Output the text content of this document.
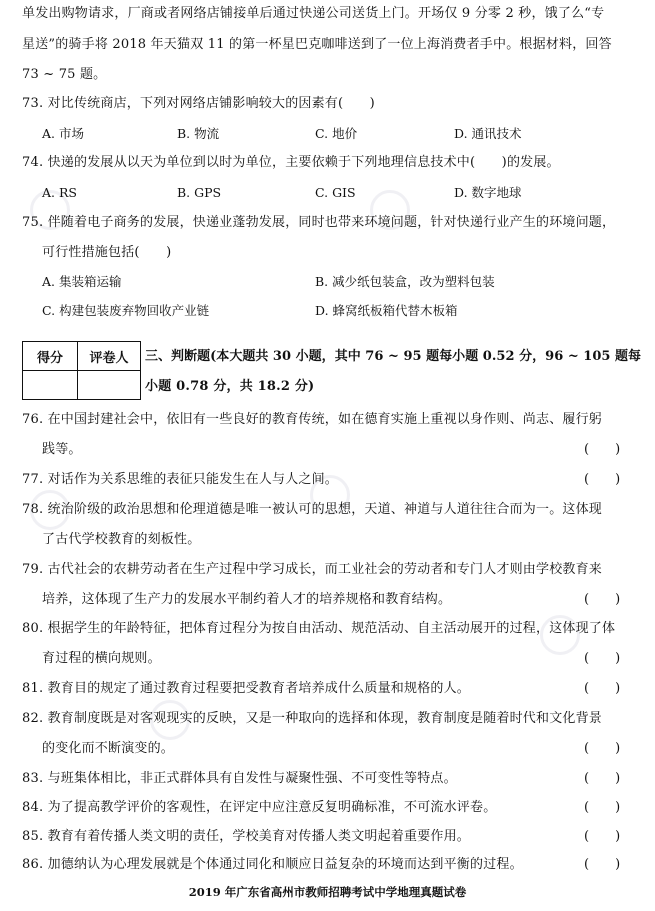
单发出购物请求，厂商或者网络店铺接单后通过快递公司送货上门。开场仅 9 分零 2 秒，饿了么“专
星送”的骑手将 2018 年天猫双 11 的第一杯星巴克咖啡送到了一位上海消费者手中。根据材料，回答
73 ~ 75 题。
73. 对比传统商店，下列对网络店铺影响较大的因素有(　　)
A. 市场	B. 物流	C. 地价	D. 通讯技术
74. 快递的发展从以天为单位到以时为单位，主要依赖于下列地理信息技术中(　　)的发展。
A. RS	B. GPS	C. GIS	D. 数字地球
75. 伴随着电子商务的发展，快递业蓬勃发展，同时也带来环境问题，针对快递行业产生的环境问题，
可行性措施包括(　　)
A. 集装箱运输	B. 减少纸包装盒，改为塑料包装
C. 构建包装废弃物回收产业链	D. 蜂窝纸板箱代替木板箱
得分	评卷人
	三、判断题(本大题共 30 小题，其中 76 ~ 95 题每小题 0.52 分，96 ~ 105 题每
小题 0.78 分，共 18.2 分)
76. 在中国封建社会中，依旧有一些良好的教育传统，如在德育实施上重视以身作则、尚志、履行躬
践等。	(　　)
77. 对话作为关系思维的表征只能发生在人与人之间。	(　　)
78. 统治阶级的政治思想和伦理道德是唯一被认可的思想，天道、神道与人道往往合而为一。这体现
了古代学校教育的刻板性。
79. 古代社会的农耕劳动者在生产过程中学习成长，而工业社会的劳动者和专门人才则由学校教育来
培养，这体现了生产力的发展水平制约着人才的培养规格和教育结构。	(　　)
80. 根据学生的年龄特征，把体育过程分为按自由活动、规范活动、自主活动展开的过程，这体现了体
育过程的横向规则。	(　　)
81. 教育目的规定了通过教育过程要把受教育者培养成什么质量和规格的人。	(　　)
82. 教育制度既是对客观现实的反映，又是一种取向的选择和体现，教育制度是随着时代和文化背景
的变化而不断演变的。	(　　)
83. 与班集体相比，非正式群体具有自发性与凝聚性强、不可变性等特点。	(　　)
84. 为了提高教学评价的客观性，在评定中应注意反复明确标准，不可流水评卷。	(　　)
85. 教育有着传播人类文明的责任，学校美育对传播人类文明起着重要作用。	(　　)
86. 加德纳认为心理发展就是个体通过同化和顺应日益复杂的环境而达到平衡的过程。	(　　)
2019 年广东省高州市教师招聘考试中学地理真题试卷
